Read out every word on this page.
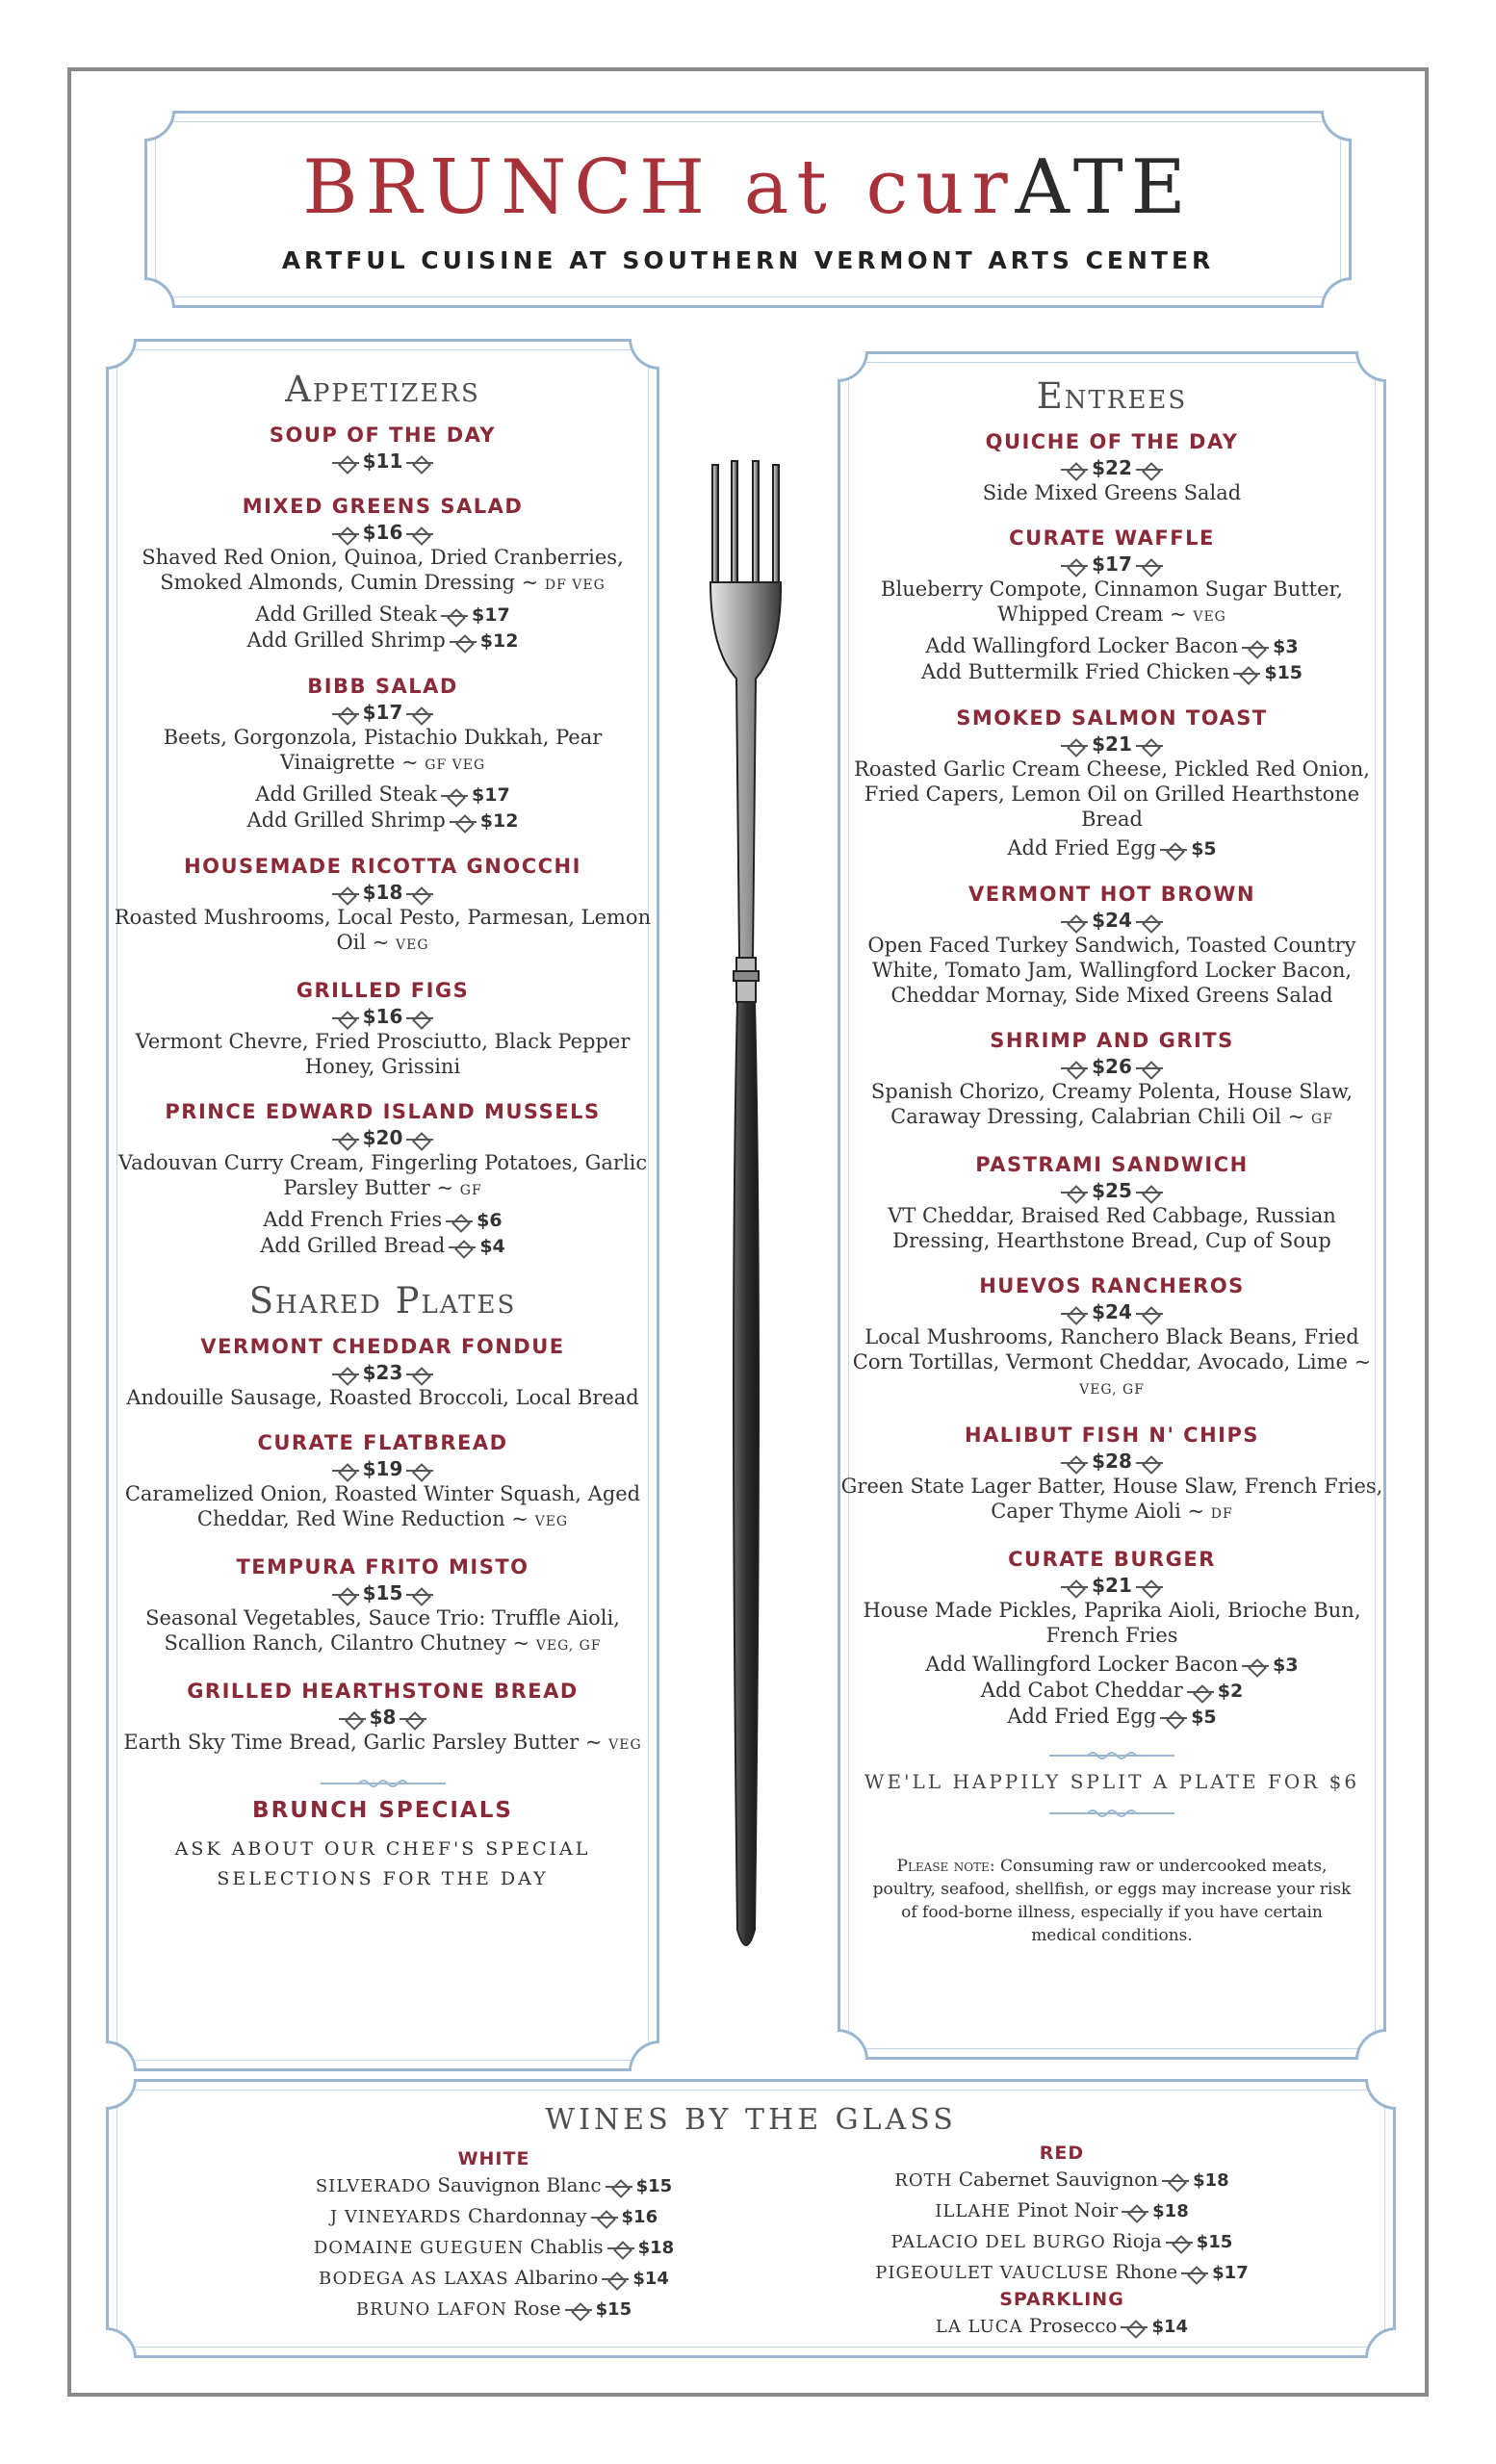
BRUNCH at curATE
ARTFUL CUISINE AT SOUTHERN VERMONT ARTS CENTER
Appetizers
SOUP OF THE DAY
$11
MIXED GREENS SALAD
$16
Shaved Red Onion, Quinoa, Dried Cranberries, Smoked Almonds, Cumin Dressing ~ DF VEG
Add Grilled Steak $17
Add Grilled Shrimp $12
BIBB SALAD
$17
Beets, Gorgonzola, Pistachio Dukkah, Pear Vinaigrette ~ GF VEG
Add Grilled Steak $17
Add Grilled Shrimp $12
HOUSEMADE RICOTTA GNOCCHI
$18
Roasted Mushrooms, Local Pesto, Parmesan, Lemon Oil ~ VEG
GRILLED FIGS
$16
Vermont Chevre, Fried Prosciutto, Black Pepper Honey, Grissini
PRINCE EDWARD ISLAND MUSSELS
$20
Vadouvan Curry Cream, Fingerling Potatoes, Garlic Parsley Butter ~ GF
Add French Fries $6
Add Grilled Bread $4
Shared Plates
VERMONT CHEDDAR FONDUE
$23
Andouille Sausage, Roasted Broccoli, Local Bread
CURATE FLATBREAD
$19
Caramelized Onion, Roasted Winter Squash, Aged Cheddar, Red Wine Reduction ~ VEG
TEMPURA FRITO MISTO
$15
Seasonal Vegetables, Sauce Trio: Truffle Aioli, Scallion Ranch, Cilantro Chutney ~ VEG, GF
GRILLED HEARTHSTONE BREAD
$8
Earth Sky Time Bread, Garlic Parsley Butter ~ VEG
BRUNCH SPECIALS
ASK ABOUT OUR CHEF'S SPECIAL
SELECTIONS FOR THE DAY
Entrees
QUICHE OF THE DAY
$22
Side Mixed Greens Salad
CURATE WAFFLE
$17
Blueberry Compote, Cinnamon Sugar Butter, Whipped Cream ~ VEG
Add Wallingford Locker Bacon $3
Add Buttermilk Fried Chicken $15
SMOKED SALMON TOAST
$21
Roasted Garlic Cream Cheese, Pickled Red Onion, Fried Capers, Lemon Oil on Grilled Hearthstone Bread
Add Fried Egg $5
VERMONT HOT BROWN
$24
Open Faced Turkey Sandwich, Toasted Country White, Tomato Jam, Wallingford Locker Bacon, Cheddar Mornay, Side Mixed Greens Salad
SHRIMP AND GRITS
$26
Spanish Chorizo, Creamy Polenta, House Slaw, Caraway Dressing, Calabrian Chili Oil ~ GF
PASTRAMI SANDWICH
$25
VT Cheddar, Braised Red Cabbage, Russian Dressing, Hearthstone Bread, Cup of Soup
HUEVOS RANCHEROS
$24
Local Mushrooms, Ranchero Black Beans, Fried Corn Tortillas, Vermont Cheddar, Avocado, Lime ~ VEG, GF
HALIBUT FISH N' CHIPS
$28
Green State Lager Batter, House Slaw, French Fries, Caper Thyme Aioli ~ DF
CURATE BURGER
$21
House Made Pickles, Paprika Aioli, Brioche Bun, French Fries
Add Wallingford Locker Bacon $3
Add Cabot Cheddar $2
Add Fried Egg $5
WE'LL HAPPILY SPLIT A PLATE FOR $6
Please note: Consuming raw or undercooked meats, poultry, seafood, shellfish, or eggs may increase your risk of food-borne illness, especially if you have certain medical conditions.
WINES BY THE GLASS
WHITE
SILVERADO Sauvignon Blanc $15
J VINEYARDS Chardonnay $16
DOMAINE GUEGUEN Chablis $18
BODEGA AS LAXAS Albarino $14
BRUNO LAFON Rose $15
RED
ROTH Cabernet Sauvignon $18
ILLAHE Pinot Noir $18
PALACIO DEL BURGO Rioja $15
PIGEOULET VAUCLUSE Rhone $17
SPARKLING
LA LUCA Prosecco $14
